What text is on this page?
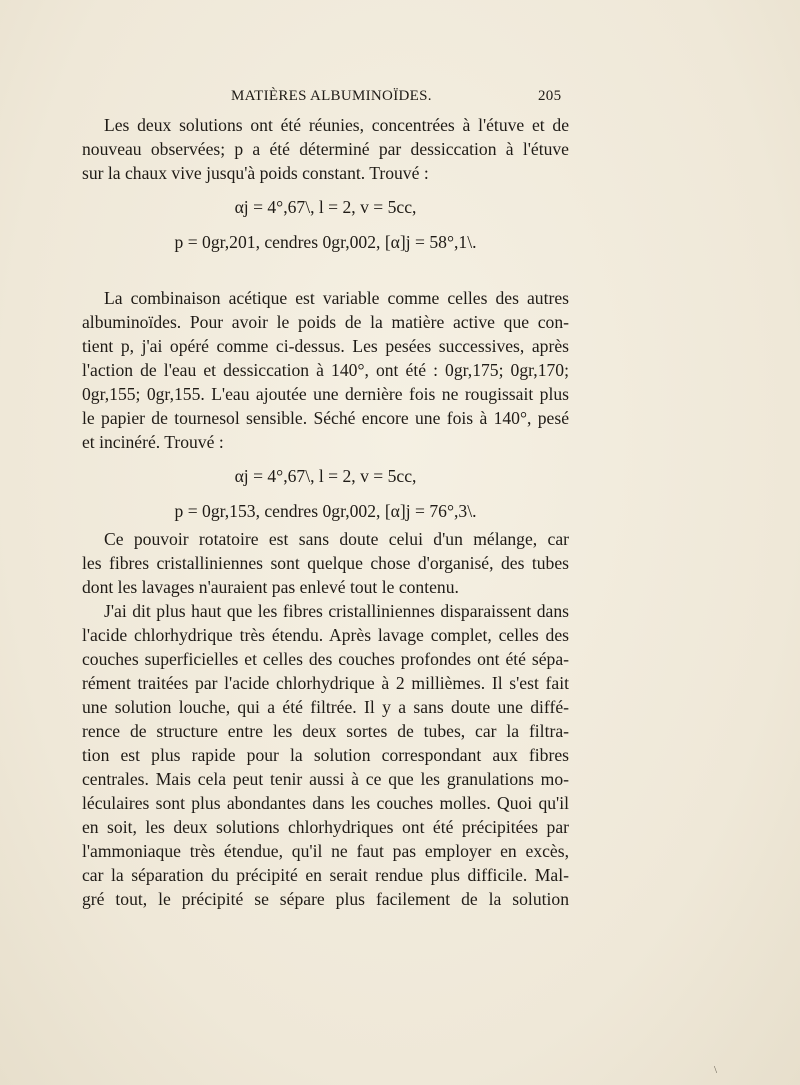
MATIÈRES ALBUMINOÏDES.	205
Les deux solutions ont été réunies, concentrées à l'étuve et de
nouveau observées; p a été déterminé par dessiccation à l'étuve
sur la chaux vive jusqu'à poids constant. Trouvé :
αj = 4°,67\, l = 2, v = 5cc,
p = 0gr,201, cendres 0gr,002, [α]j = 58°,1\.
La combinaison acétique est variable comme celles des autres
albuminoïdes. Pour avoir le poids de la matière active que con-
tient p, j'ai opéré comme ci-dessus. Les pesées successives, après
l'action de l'eau et dessiccation à 140°, ont été : 0gr,175; 0gr,170;
0gr,155; 0gr,155. L'eau ajoutée une dernière fois ne rougissait plus
le papier de tournesol sensible. Séché encore une fois à 140°, pesé
et incinéré. Trouvé :
αj = 4°,67\, l = 2, v = 5cc,
p = 0gr,153, cendres 0gr,002, [α]j = 76°,3\.
Ce pouvoir rotatoire est sans doute celui d'un mélange, car
les fibres cristalliniennes sont quelque chose d'organisé, des tubes
dont les lavages n'auraient pas enlevé tout le contenu.
J'ai dit plus haut que les fibres cristalliniennes disparaissent dans
l'acide chlorhydrique très étendu. Après lavage complet, celles des
couches superficielles et celles des couches profondes ont été sépa-
rément traitées par l'acide chlorhydrique à 2 millièmes. Il s'est fait
une solution louche, qui a été filtrée. Il y a sans doute une diffé-
rence de structure entre les deux sortes de tubes, car la filtra-
tion est plus rapide pour la solution correspondant aux fibres
centrales. Mais cela peut tenir aussi à ce que les granulations mo-
léculaires sont plus abondantes dans les couches molles. Quoi qu'il
en soit, les deux solutions chlorhydriques ont été précipitées par
l'ammoniaque très étendue, qu'il ne faut pas employer en excès,
car la séparation du précipité en serait rendue plus difficile. Mal-
gré tout, le précipité se sépare plus facilement de la solution
\
